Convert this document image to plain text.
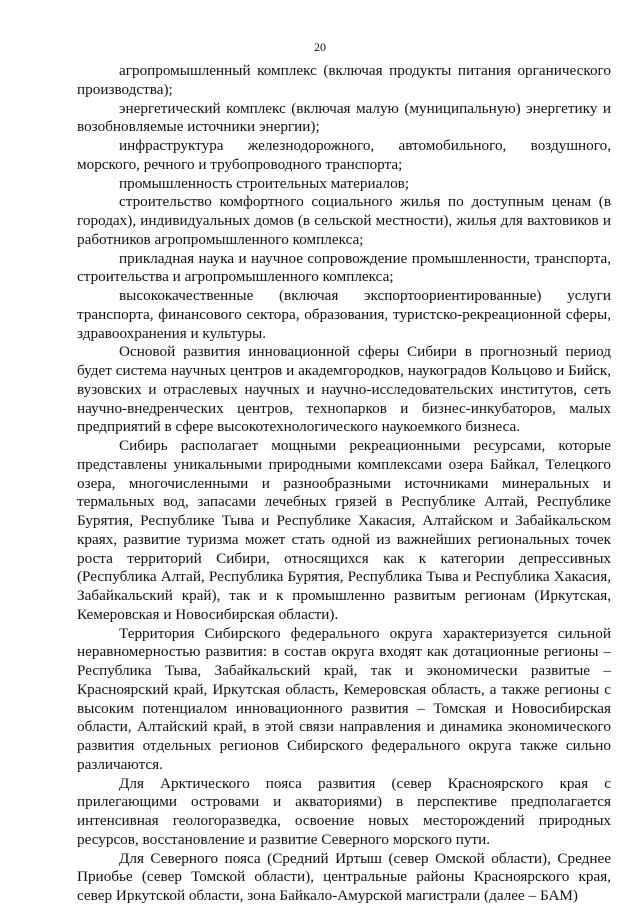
20

агропромышленный комплекс (включая продукты питания органического производства);

энергетический комплекс (включая малую (муниципальную) энергетику и возобновляемые источники энергии);

инфраструктура железнодорожного, автомобильного, воздушного, морского, речного и трубопроводного транспорта;

промышленность строительных материалов;

строительство комфортного социального жилья по доступным ценам (в городах), индивидуальных домов (в сельской местности), жилья для вахтовиков и работников агропромышленного комплекса;

прикладная наука и научное сопровождение промышленности, транспорта, строительства и агропромышленного комплекса;

высококачественные (включая экспортоориентированные) услуги транспорта, финансового сектора, образования, туристско-рекреационной сферы, здравоохранения и культуры.

Основой развития инновационной сферы Сибири в прогнозный период будет система научных центров и академгородков, наукоградов Кольцово и Бийск, вузовских и отраслевых научных и научно-исследовательских институтов, сеть научно-внедренческих центров, технопарков и бизнес-инкубаторов, малых предприятий в сфере высокотехнологического наукоемкого бизнеса.

Сибирь располагает мощными рекреационными ресурсами, которые представлены уникальными природными комплексами озера Байкал, Телецкого озера, многочисленными и разнообразными источниками минеральных и термальных вод, запасами лечебных грязей в Республике Алтай, Республике Бурятия, Республике Тыва и Республике Хакасия, Алтайском и Забайкальском краях, развитие туризма может стать одной из важнейших региональных точек роста территорий Сибири, относящихся как к категории депрессивных (Республика Алтай, Республика Бурятия, Республика Тыва и Республика Хакасия, Забайкальский край), так и к промышленно развитым регионам (Иркутская, Кемеровская и Новосибирская области).

Территория Сибирского федерального округа характеризуется сильной неравномерностью развития: в состав округа входят как дотационные регионы – Республика Тыва, Забайкальский край, так и экономически развитые – Красноярский край, Иркутская область, Кемеровская область, а также регионы с высоким потенциалом инновационного развития – Томская и Новосибирская области, Алтайский край, в этой связи направления и динамика экономического развития отдельных регионов Сибирского федерального округа также сильно различаются.

Для Арктического пояса развития (север Красноярского края с прилегающими островами и акваториями) в перспективе предполагается интенсивная геологоразведка, освоение новых месторождений природных ресурсов, восстановление и развитие Северного морского пути.

Для Северного пояса (Средний Иртыш (север Омской области), Среднее Приобье (север Томской области), центральные районы Красноярского края, север Иркутской области, зона Байкало-Амурской магистрали (далее – БАМ)
